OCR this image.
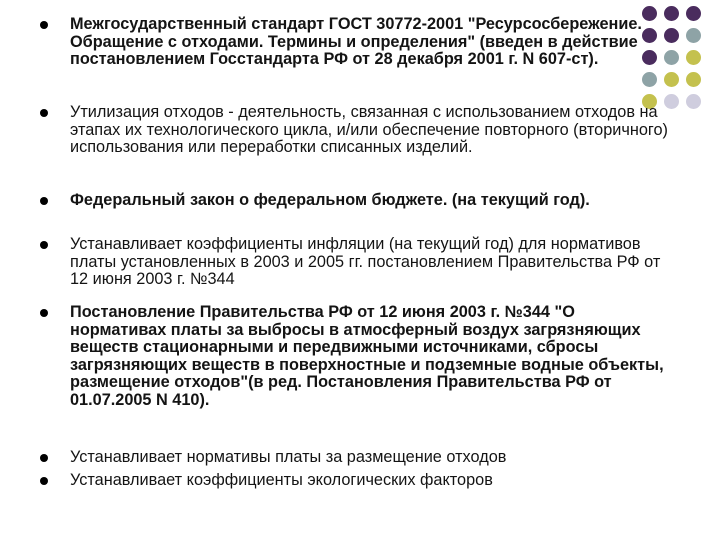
Межгосударственный стандарт ГОСТ 30772-2001 "Ресурсосбережение. Обращение с отходами. Термины и определения" (введен в действие постановлением Госстандарта РФ от 28 декабря 2001 г. N 607-ст).
Утилизация отходов - деятельность, связанная с использованием отходов на этапах их технологического цикла, и/или обеспечение повторного (вторичного) использования или переработки списанных изделий.
Федеральный закон о федеральном бюджете. (на текущий год).
Устанавливает коэффициенты инфляции (на текущий год) для нормативов платы установленных в 2003 и 2005 гг. постановлением Правительства РФ от 12 июня 2003 г. №344
Постановление Правительства РФ от 12 июня 2003 г. №344 "О нормативах платы за выбросы в атмосферный воздух загрязняющих веществ стационарными и передвижными источниками, сбросы загрязняющих веществ в поверхностные и подземные водные объекты, размещение отходов"(в ред. Постановления Правительства РФ от 01.07.2005 N 410).
Устанавливает нормативы платы за размещение отходов
Устанавливает коэффициенты экологических факторов
